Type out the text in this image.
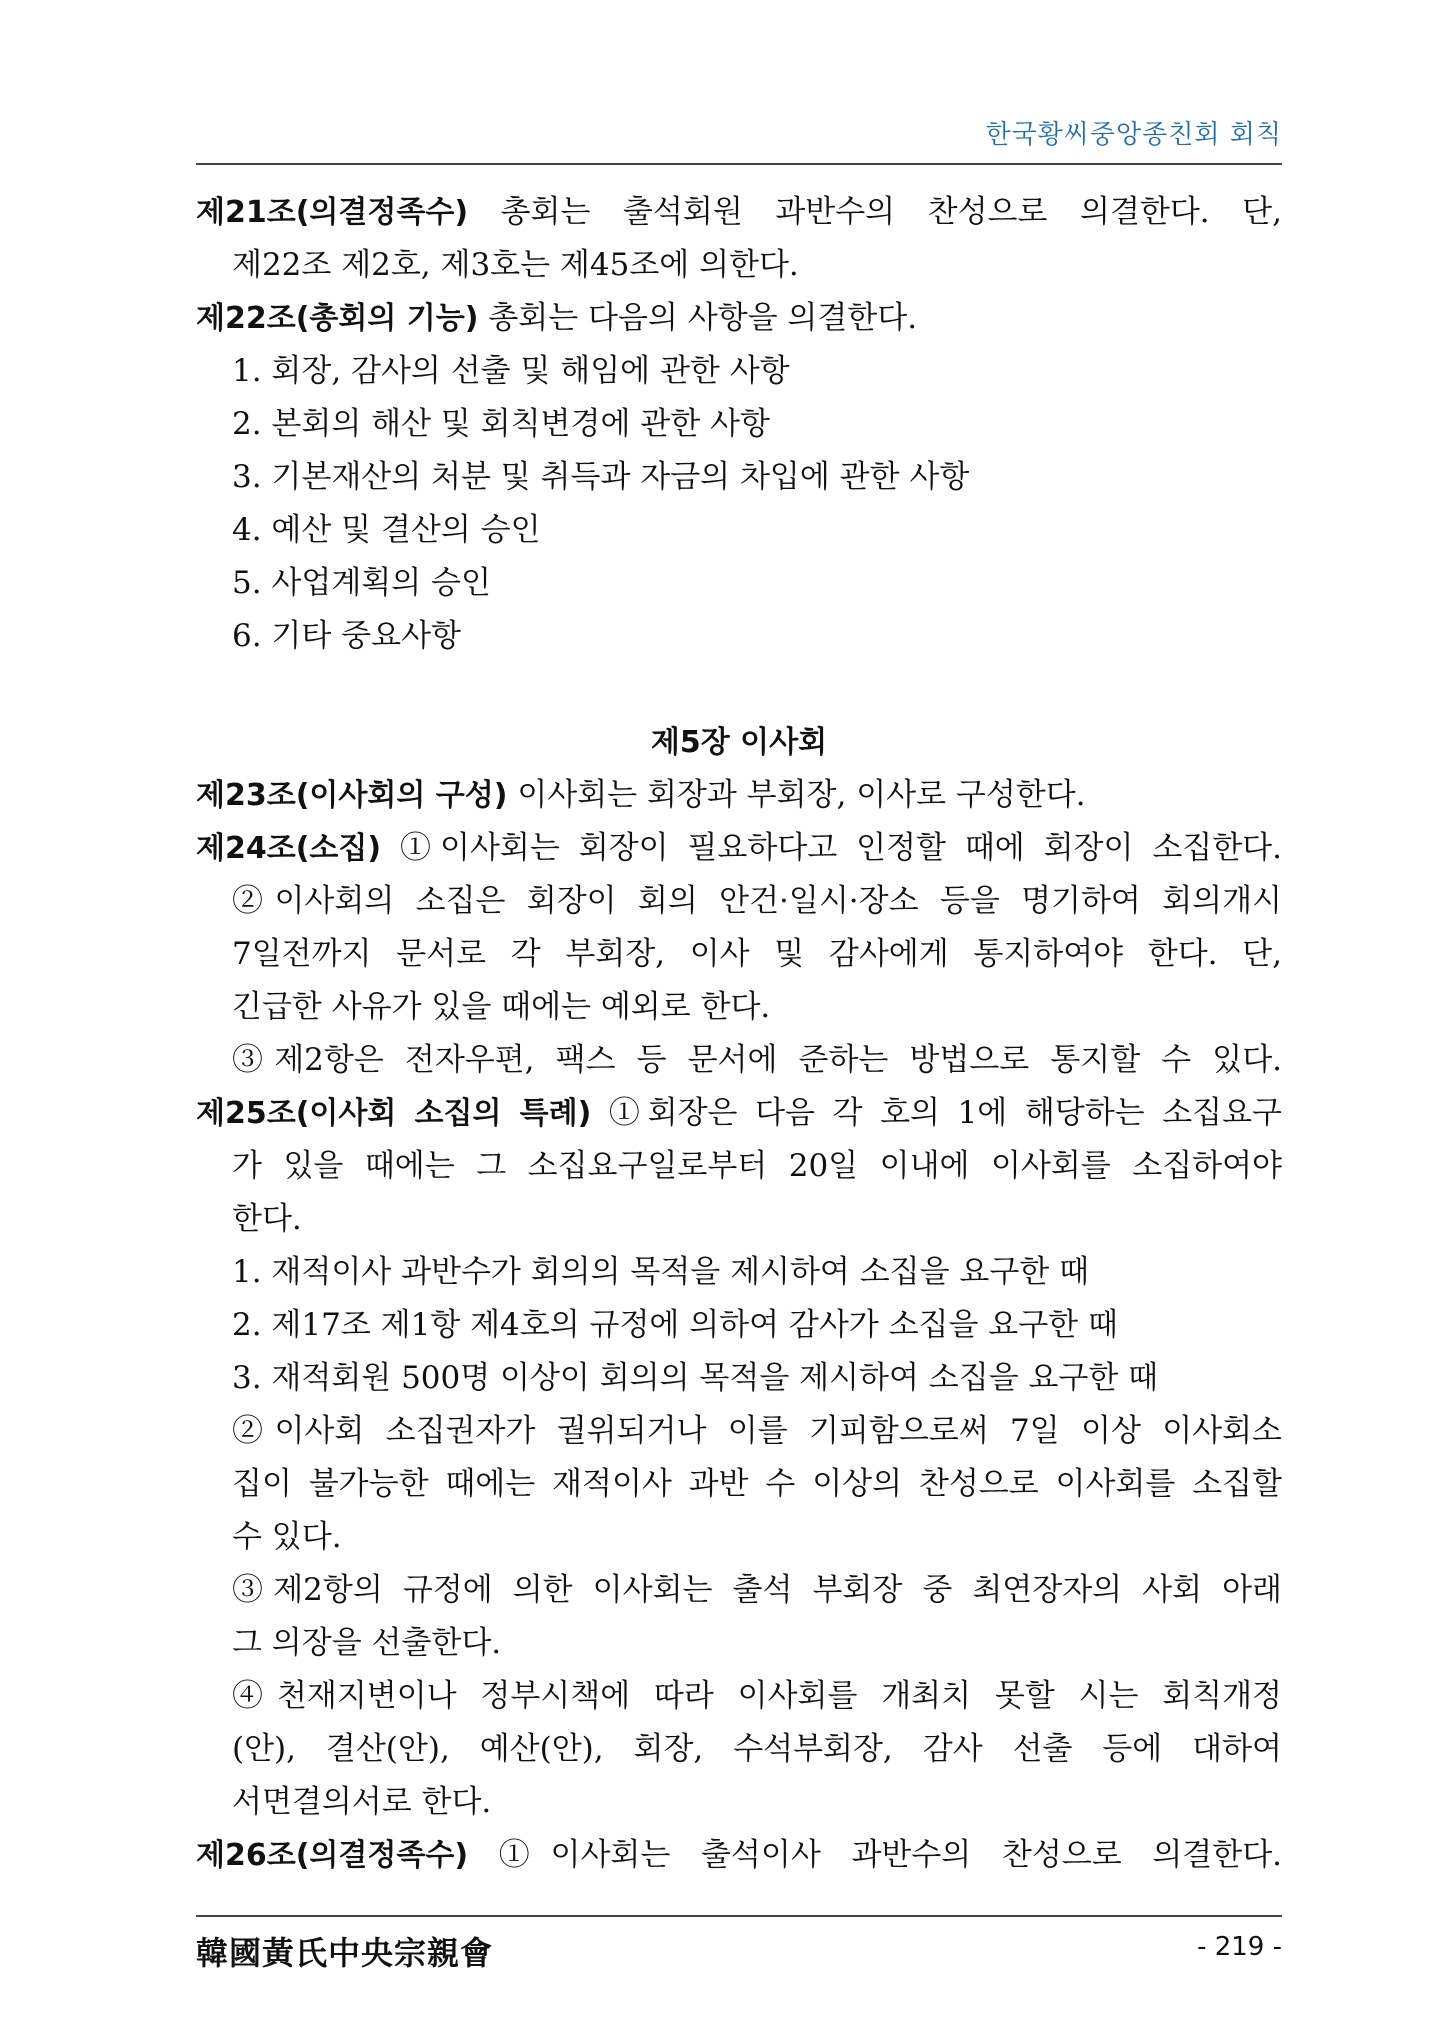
한국황씨중앙종친회 회칙
제21조(의결정족수) 총회는 출석회원 과반수의 찬성으로 의결한다. 단,
제22조 제2호, 제3호는 제45조에 의한다.
제22조(총회의 기능) 총회는 다음의 사항을 의결한다.
1. 회장, 감사의 선출 및 해임에 관한 사항
2. 본회의 해산 및 회칙변경에 관한 사항
3. 기본재산의 처분 및 취득과 자금의 차입에 관한 사항
4. 예산 및 결산의 승인
5. 사업계획의 승인
6. 기타 중요사항
제5장 이사회
제23조(이사회의 구성) 이사회는 회장과 부회장, 이사로 구성한다.
제24조(소집) ①이사회는 회장이 필요하다고 인정할 때에 회장이 소집한다.
②이사회의 소집은 회장이 회의 안건·일시·장소 등을 명기하여 회의개시
7일전까지 문서로 각 부회장, 이사 및 감사에게 통지하여야 한다. 단,
긴급한 사유가 있을 때에는 예외로 한다.
③제2항은 전자우편, 팩스 등 문서에 준하는 방법으로 통지할 수 있다.
제25조(이사회 소집의 특례) ①회장은 다음 각 호의 1에 해당하는 소집요구
가 있을 때에는 그 소집요구일로부터 20일 이내에 이사회를 소집하여야
한다.
1. 재적이사 과반수가 회의의 목적을 제시하여 소집을 요구한 때
2. 제17조 제1항 제4호의 규정에 의하여 감사가 소집을 요구한 때
3. 재적회원 500명 이상이 회의의 목적을 제시하여 소집을 요구한 때
②이사회 소집권자가 궐위되거나 이를 기피함으로써 7일 이상 이사회소
집이 불가능한 때에는 재적이사 과반 수 이상의 찬성으로 이사회를 소집할
수 있다.
③제2항의 규정에 의한 이사회는 출석 부회장 중 최연장자의 사회 아래
그 의장을 선출한다.
④천재지변이나 정부시책에 따라 이사회를 개최치 못할 시는 회칙개정
(안), 결산(안), 예산(안), 회장, 수석부회장, 감사 선출 등에 대하여
서면결의서로 한다.
제26조(의결정족수) ①이사회는 출석이사 과반수의 찬성으로 의결한다.
韓國黃氏中央宗親會	- 219 -
